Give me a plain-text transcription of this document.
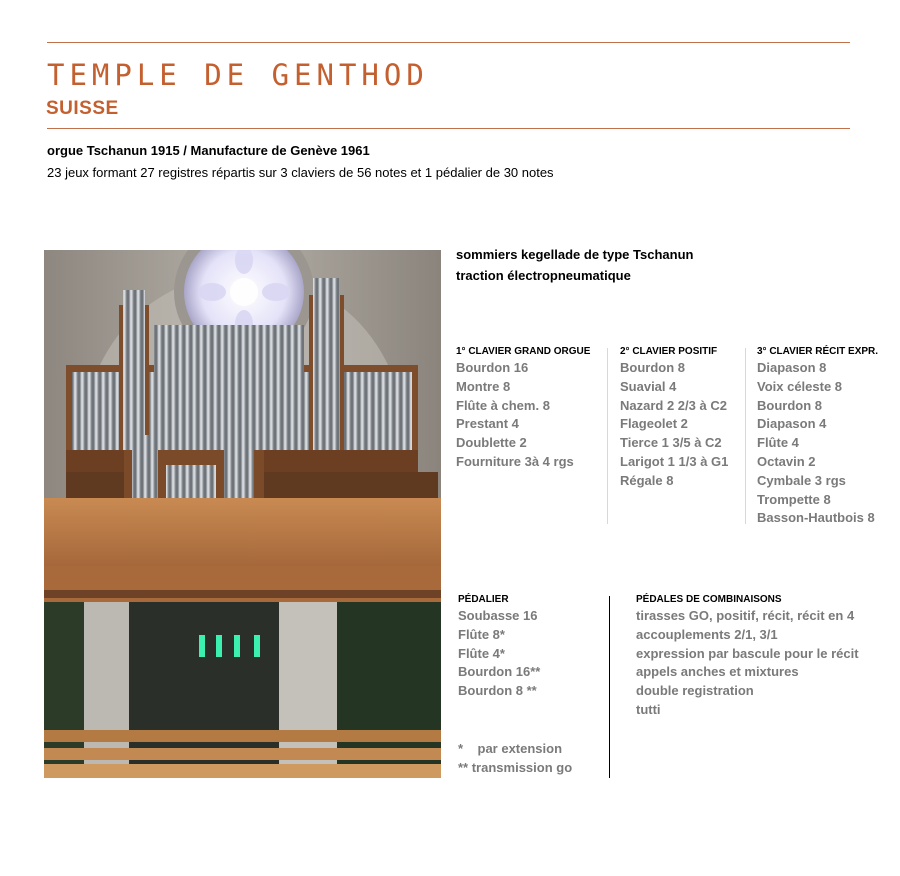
TEMPLE DE GENTHOD
SUISSE

orgue Tschanun 1915 / Manufacture de Genève 1961

23 jeux formant 27 registres répartis sur 3 claviers de 56 notes et 1 pédalier de 30 notes

sommiers kegellade de type Tschanun

traction électropneumatique

1° CLAVIER GRAND ORGUE
Bourdon 16
Montre 8
Flûte à chem. 8
Prestant 4
Doublette 2
Fourniture 3à 4 rgs
2° CLAVIER POSITIF
Bourdon 8
Suavial 4
Nazard 2 2/3 à C2
Flageolet 2
Tierce 1 3/5 à C2
Larigot 1 1/3 à G1
Régale 8
3° CLAVIER RÉCIT EXPR.
Diapason 8
Voix céleste 8
Bourdon 8
Diapason 4
Flûte 4
Octavin 2
Cymbale 3 rgs
Trompette 8
Basson-Hautbois 8
PÉDALIER
Soubasse 16
Flûte 8*
Flûte 4*
Bourdon 16**
Bourdon 8 **
*    par extension
** transmission go
PÉDALES DE COMBINAISONS
tirasses GO, positif, récit, récit en 4
accouplements 2/1, 3/1
expression par bascule pour le récit
appels anches et mixtures
double registration
tutti
